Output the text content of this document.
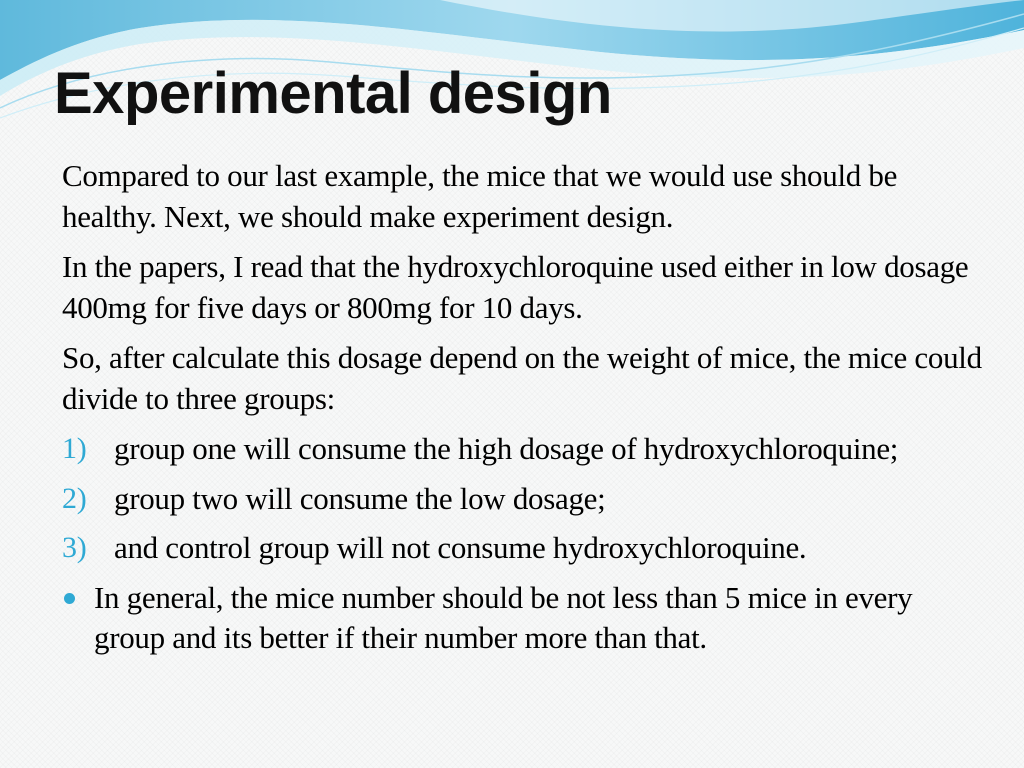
Experimental design

Compared to our last example, the mice that we would use should be healthy. Next, we should make experiment design.

In the papers, I read that the hydroxychloroquine used either in low dosage 400mg for five days or 800mg for 10 days.

So, after calculate this dosage depend on the weight of mice, the mice could divide to three groups:

1) group one will consume the high dosage of hydroxychloroquine;
2) group two will consume the low dosage;
3) and control group will not consume hydroxychloroquine.
In general, the mice number should be not less than 5 mice in every group and its better if their number more than that.
